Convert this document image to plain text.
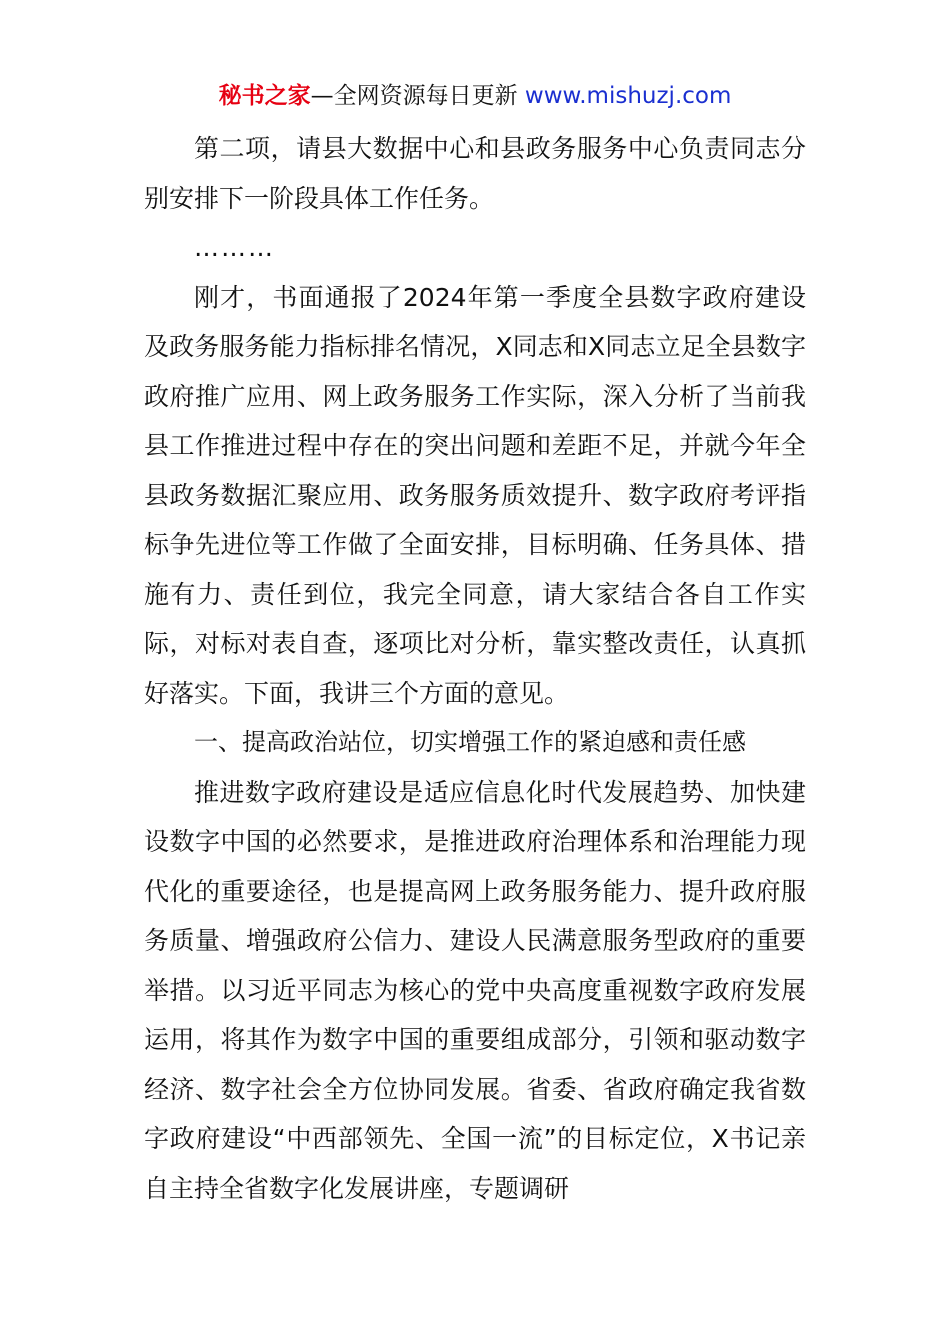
秘书之家—全网资源每日更新 www.mishuzj.com

第二项，请县大数据中心和县政务服务中心负责同志分别安排下一阶段具体工作任务。

………

刚才，书面通报了2024年第一季度全县数字政府建设及政务服务能力指标排名情况，X同志和X同志立足全县数字政府推广应用、网上政务服务工作实际，深入分析了当前我县工作推进过程中存在的突出问题和差距不足，并就今年全县政务数据汇聚应用、政务服务质效提升、数字政府考评指标争先进位等工作做了全面安排，目标明确、任务具体、措施有力、责任到位，我完全同意，请大家结合各自工作实际，对标对表自查，逐项比对分析，靠实整改责任，认真抓好落实。下面，我讲三个方面的意见。

一、提高政治站位，切实增强工作的紧迫感和责任感

推进数字政府建设是适应信息化时代发展趋势、加快建设数字中国的必然要求，是推进政府治理体系和治理能力现代化的重要途径，也是提高网上政务服务能力、提升政府服务质量、增强政府公信力、建设人民满意服务型政府的重要举措。以习近平同志为核心的党中央高度重视数字政府发展运用，将其作为数字中国的重要组成部分，引领和驱动数字经济、数字社会全方位协同发展。省委、省政府确定我省数字政府建设“中西部领先、全国一流”的目标定位，X书记亲自主持全省数字化发展讲座，专题调研
